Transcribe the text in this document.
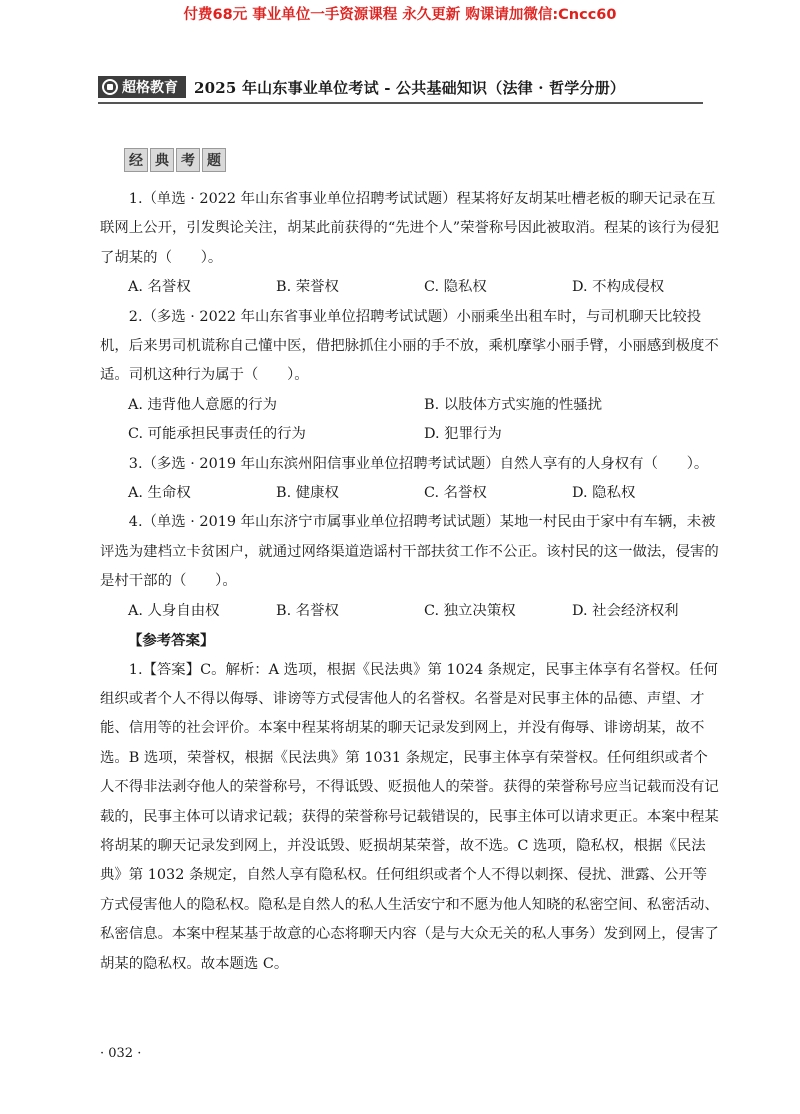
付费68元 事业单位一手资源课程 永久更新 购课请加微信:Cncc60
超格教育 2025 年山东事业单位考试 - 公共基础知识（法律 · 哲学分册）
经 典 考 题

1.（单选 · 2022 年山东省事业单位招聘考试试题）程某将好友胡某吐槽老板的聊天记录在互联网上公开，引发舆论关注，胡某此前获得的“先进个人”荣誉称号因此被取消。程某的该行为侵犯了胡某的（　　）。

A. 名誉权	B. 荣誉权	C. 隐私权	D. 不构成侵权

2.（多选 · 2022 年山东省事业单位招聘考试试题）小丽乘坐出租车时，与司机聊天比较投机，后来男司机谎称自己懂中医，借把脉抓住小丽的手不放，乘机摩挲小丽手臂，小丽感到极度不适。司机这种行为属于（　　）。

A. 违背他人意愿的行为	B. 以肢体方式实施的性骚扰
C. 可能承担民事责任的行为	D. 犯罪行为

3.（多选 · 2019 年山东滨州阳信事业单位招聘考试试题）自然人享有的人身权有（　　）。

A. 生命权	B. 健康权	C. 名誉权	D. 隐私权

4.（单选 · 2019 年山东济宁市属事业单位招聘考试试题）某地一村民由于家中有车辆，未被评选为建档立卡贫困户，就通过网络渠道造谣村干部扶贫工作不公正。该村民的这一做法，侵害的是村干部的（　　）。

A. 人身自由权	B. 名誉权	C. 独立决策权	D. 社会经济权利

【参考答案】

1.【答案】C。解析：A 选项，根据《民法典》第 1024 条规定，民事主体享有名誉权。任何组织或者个人不得以侮辱、诽谤等方式侵害他人的名誉权。名誉是对民事主体的品德、声望、才能、信用等的社会评价。本案中程某将胡某的聊天记录发到网上，并没有侮辱、诽谤胡某，故不选。B 选项，荣誉权，根据《民法典》第 1031 条规定，民事主体享有荣誉权。任何组织或者个人不得非法剥夺他人的荣誉称号，不得诋毁、贬损他人的荣誉。获得的荣誉称号应当记载而没有记载的，民事主体可以请求记载；获得的荣誉称号记载错误的，民事主体可以请求更正。本案中程某将胡某的聊天记录发到网上，并没诋毁、贬损胡某荣誉，故不选。C 选项，隐私权，根据《民法典》第 1032 条规定，自然人享有隐私权。任何组织或者个人不得以刺探、侵扰、泄露、公开等方式侵害他人的隐私权。隐私是自然人的私人生活安宁和不愿为他人知晓的私密空间、私密活动、私密信息。本案中程某基于故意的心态将聊天内容（是与大众无关的私人事务）发到网上，侵害了胡某的隐私权。故本题选 C。

· 032 ·
